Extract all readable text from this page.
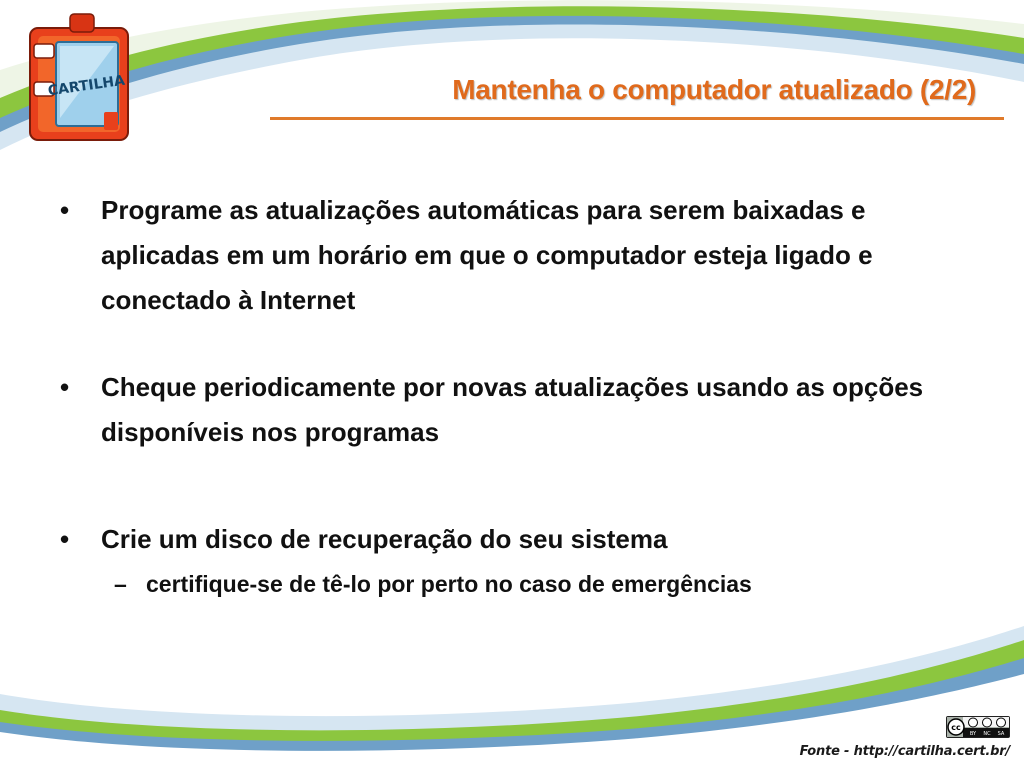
CARTILHA	Mantenha o computador atualizado (2/2)
•	Programe as atualizações automáticas para serem baixadas e aplicadas em um horário em que o computador esteja ligado e conectado à Internet
•	Cheque periodicamente por novas atualizações usando as opções disponíveis nos programas
•	Crie um disco de recuperação do seu sistema
– certifique-se de tê-lo por perto no caso de emergências
cc
BY NC SA
Fonte - http://cartilha.cert.br/
